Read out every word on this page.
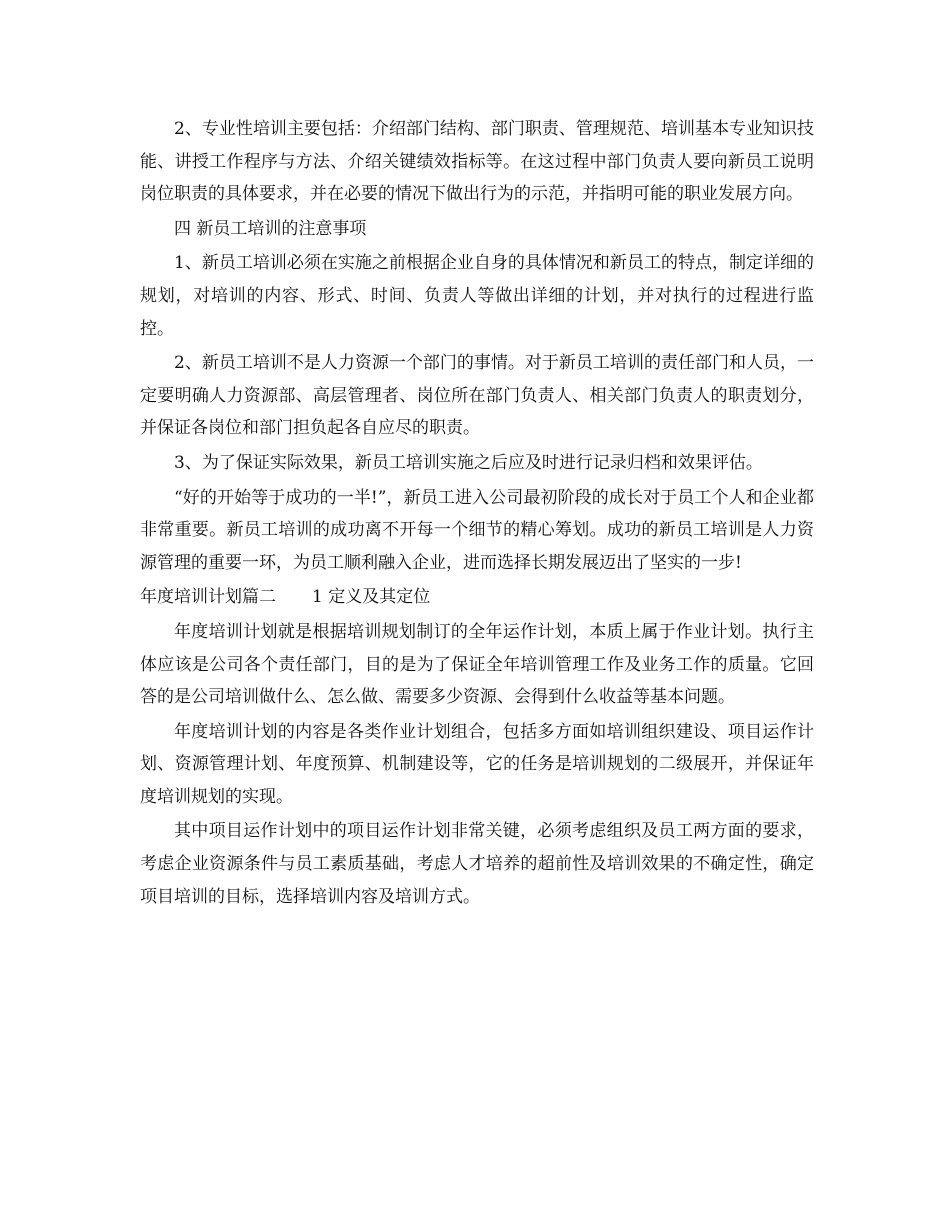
2、专业性培训主要包括：介绍部门结构、部门职责、管理规范、培训基本专业知识技能、讲授工作程序与方法、介绍关键绩效指标等。在这过程中部门负责人要向新员工说明岗位职责的具体要求，并在必要的情况下做出行为的示范，并指明可能的职业发展方向。

四 新员工培训的注意事项

1、新员工培训必须在实施之前根据企业自身的具体情况和新员工的特点，制定详细的规划，对培训的内容、形式、时间、负责人等做出详细的计划，并对执行的过程进行监控。

2、新员工培训不是人力资源一个部门的事情。对于新员工培训的责任部门和人员，一定要明确人力资源部、高层管理者、岗位所在部门负责人、相关部门负责人的职责划分，并保证各岗位和部门担负起各自应尽的职责。

3、为了保证实际效果，新员工培训实施之后应及时进行记录归档和效果评估。

“好的开始等于成功的一半!”，新员工进入公司最初阶段的成长对于员工个人和企业都非常重要。新员工培训的成功离不开每一个细节的精心筹划。成功的新员工培训是人力资源管理的重要一环，为员工顺利融入企业，进而选择长期发展迈出了坚实的一步!

年度培训计划篇二 1 定义及其定位

年度培训计划就是根据培训规划制订的全年运作计划，本质上属于作业计划。执行主体应该是公司各个责任部门，目的是为了保证全年培训管理工作及业务工作的质量。它回答的是公司培训做什么、怎么做、需要多少资源、会得到什么收益等基本问题。

年度培训计划的内容是各类作业计划组合，包括多方面如培训组织建设、项目运作计划、资源管理计划、年度预算、机制建设等，它的任务是培训规划的二级展开，并保证年度培训规划的实现。

其中项目运作计划中的项目运作计划非常关键，必须考虑组织及员工两方面的要求，考虑企业资源条件与员工素质基础，考虑人才培养的超前性及培训效果的不确定性，确定项目培训的目标，选择培训内容及培训方式。
